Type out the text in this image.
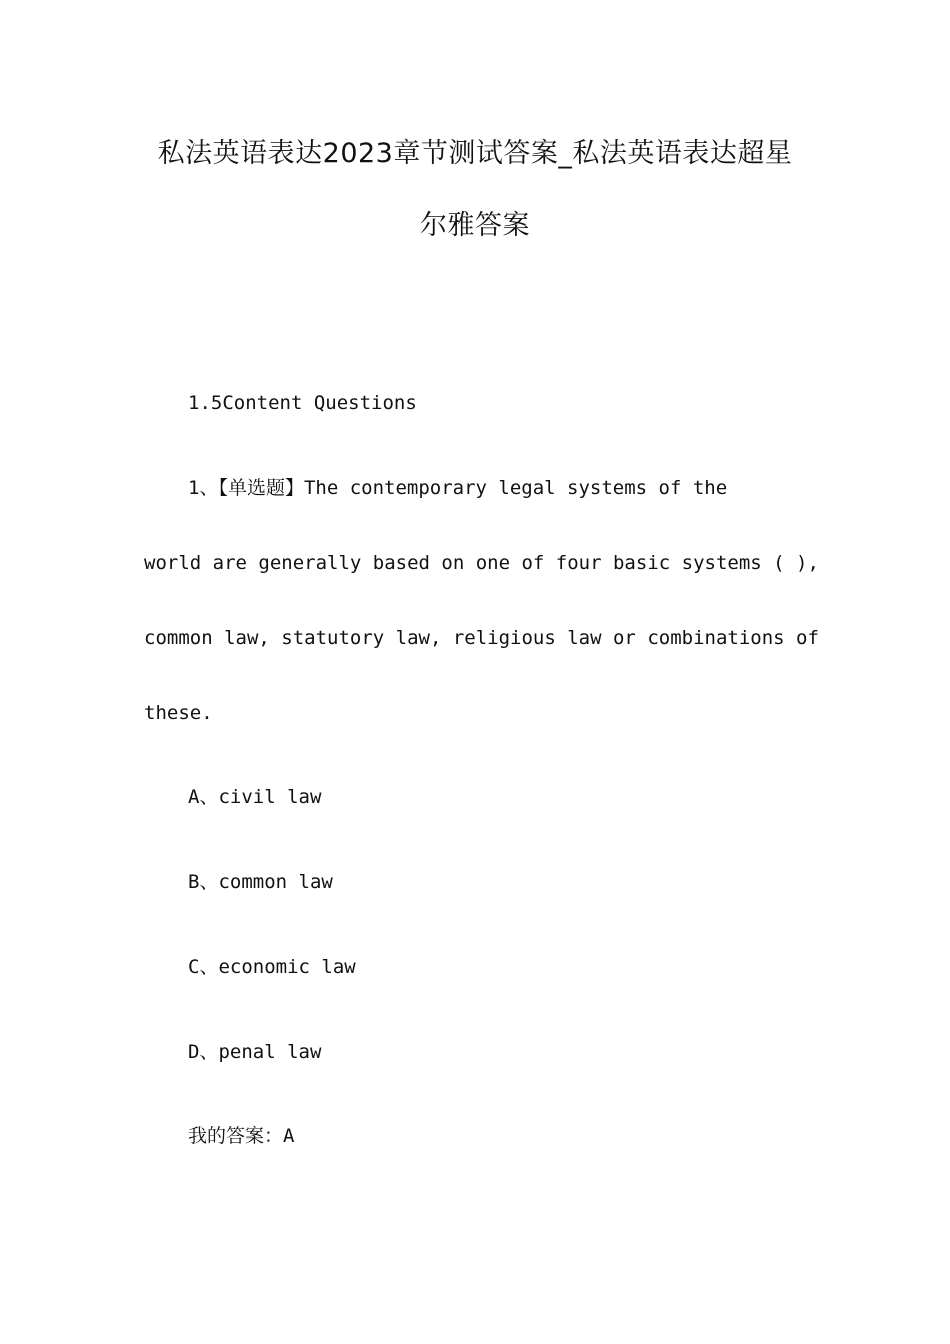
私法英语表达2023章节测试答案_私法英语表达超星
尔雅答案
1.5Content Questions
1、【单选题】The contemporary legal systems of the
world are generally based on one of four basic systems ( ),
common law, statutory law, religious law or combinations of
these.
A、civil law
B、common law
C、economic law
D、penal law
我的答案：A
